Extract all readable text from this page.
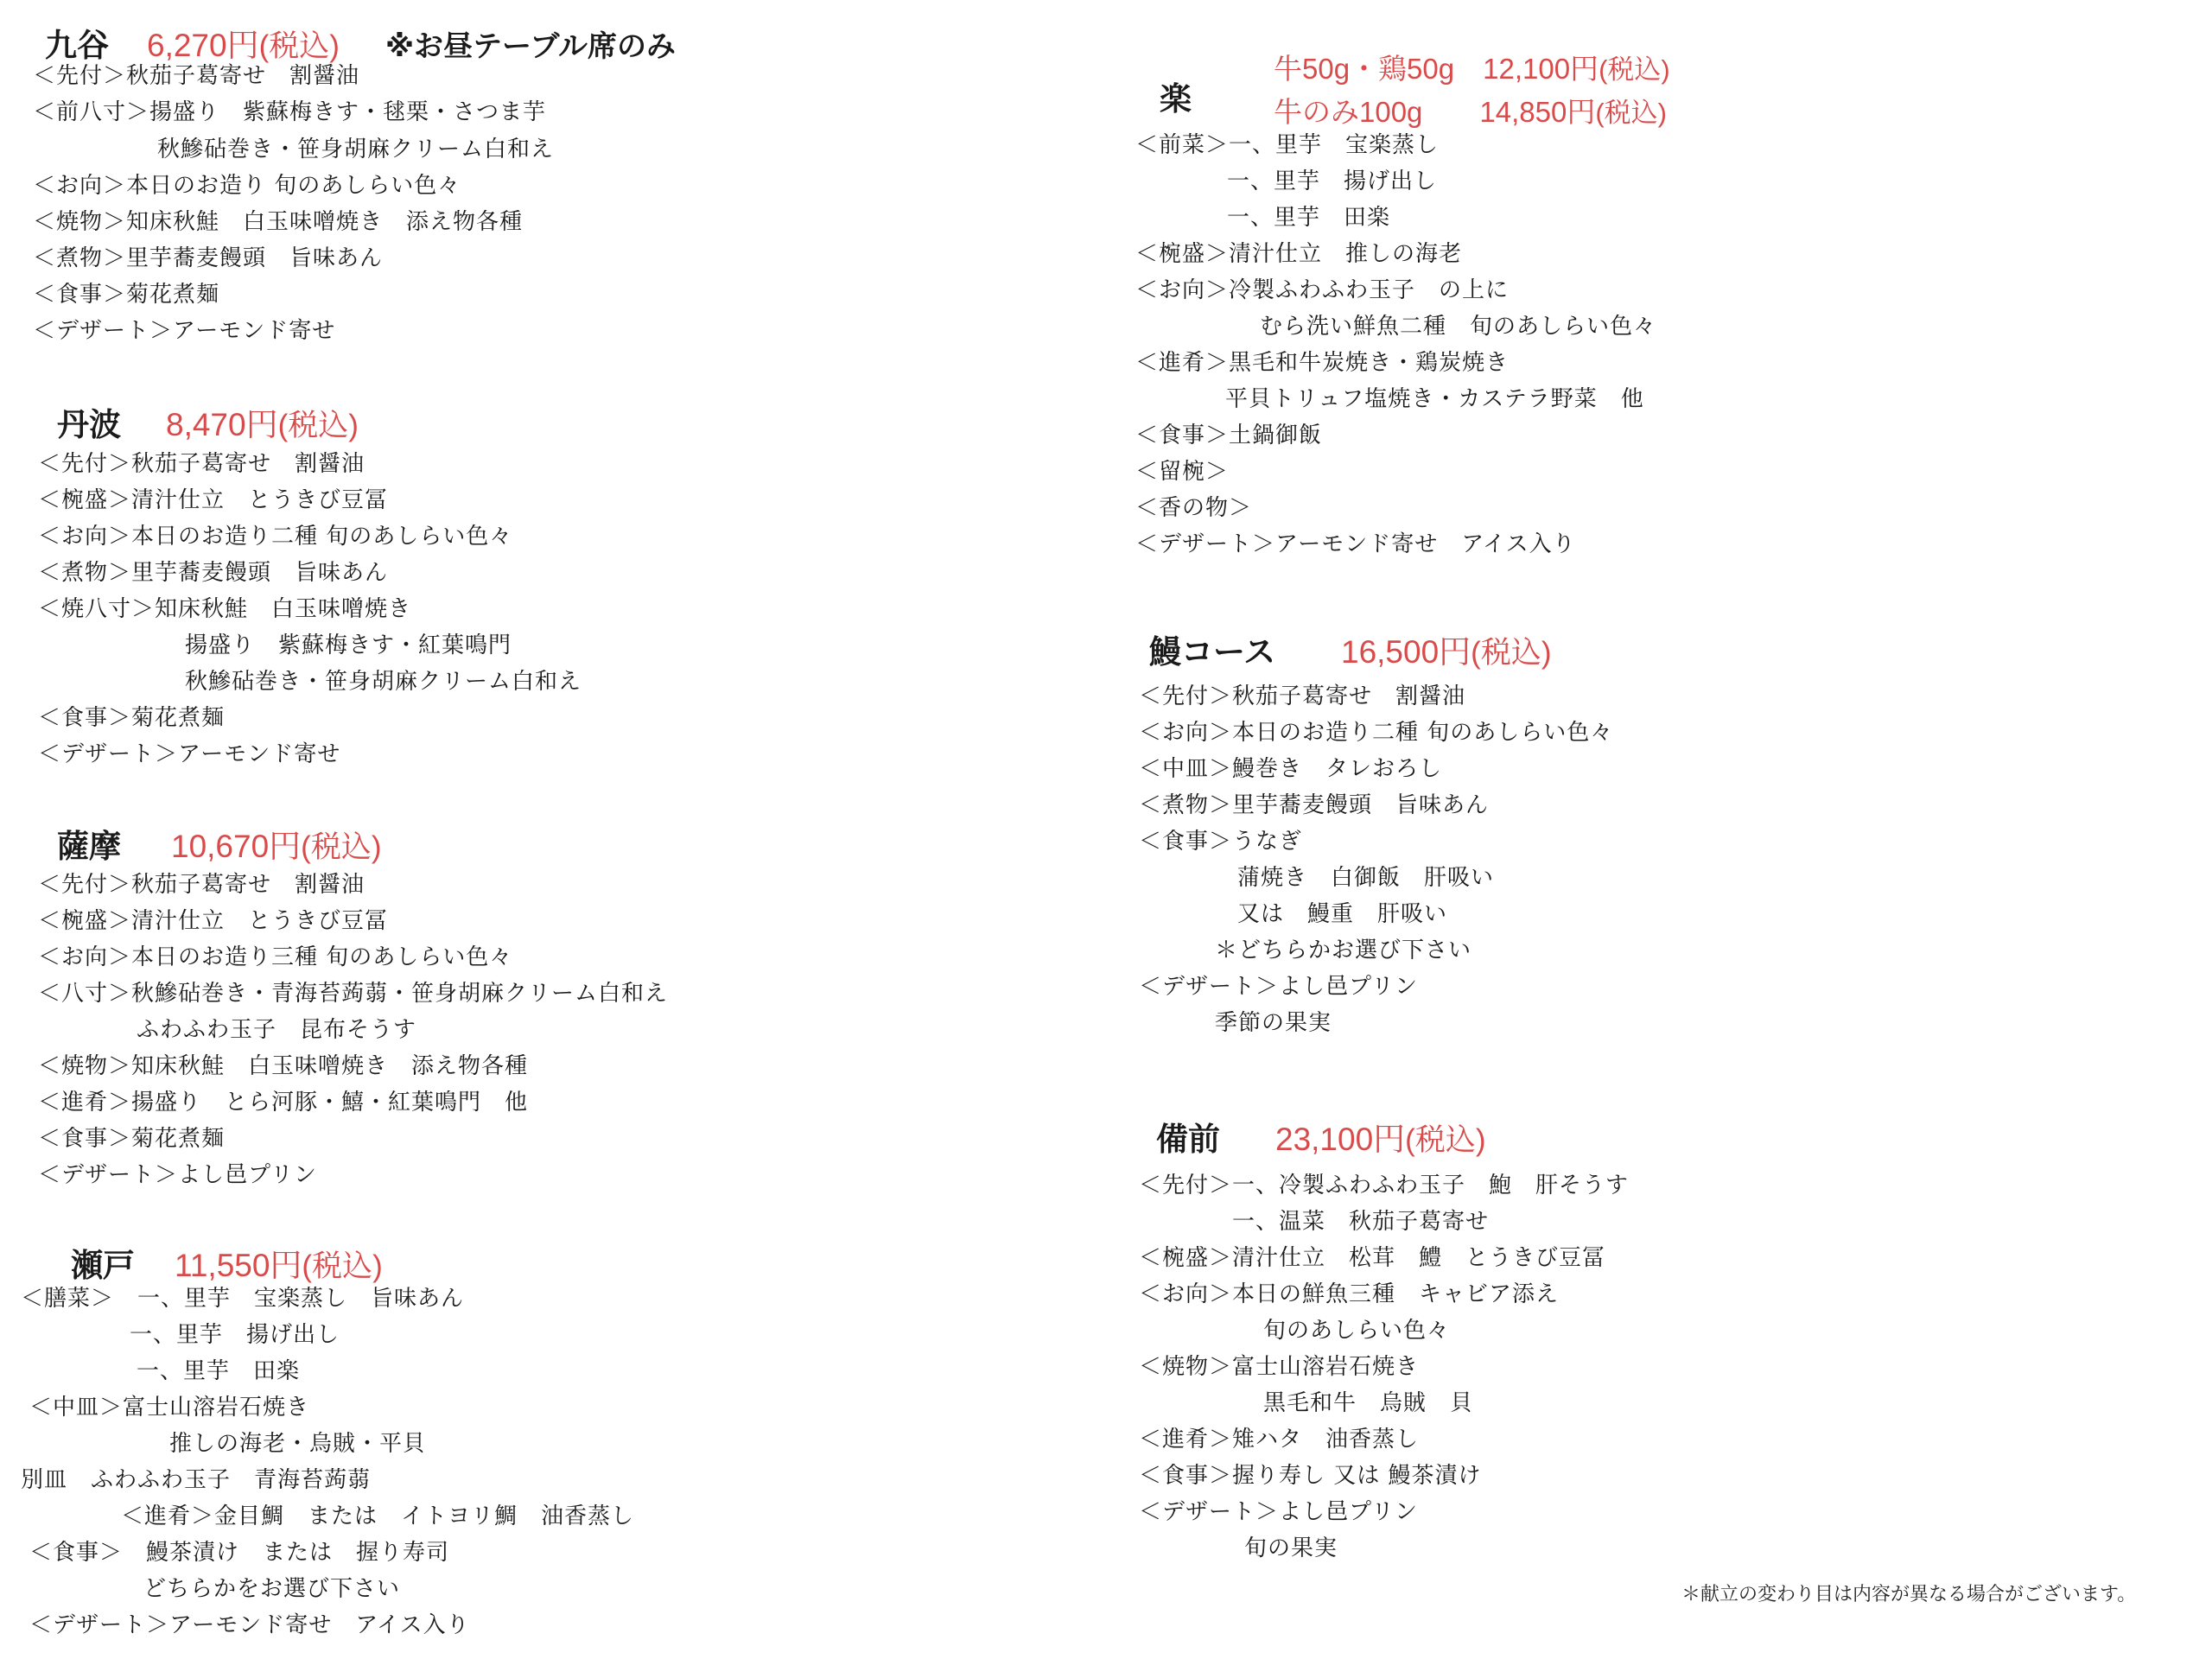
九谷 6,270円(税込) ※お昼テーブル席のみ
＜先付＞秋茄子葛寄せ　割醤油
＜前八寸＞揚盛り　紫蘇梅きす・毬栗・さつま芋
秋鰺砧巻き・笹身胡麻クリーム白和え
＜お向＞本日のお造り 旬のあしらい色々
＜焼物＞知床秋鮭　白玉味噌焼き　添え物各種
＜煮物＞里芋蕎麦饅頭　旨味あん
＜食事＞菊花煮麺
＜デザート＞アーモンド寄せ
丹波 8,470円(税込)
＜先付＞秋茄子葛寄せ　割醤油
＜椀盛＞清汁仕立　とうきび豆冨
＜お向＞本日のお造り二種 旬のあしらい色々
＜煮物＞里芋蕎麦饅頭　旨味あん
＜焼八寸＞知床秋鮭　白玉味噌焼き
揚盛り　紫蘇梅きす・紅葉鳴門
秋鰺砧巻き・笹身胡麻クリーム白和え
＜食事＞菊花煮麺
＜デザート＞アーモンド寄せ
薩摩 10,670円(税込)
＜先付＞秋茄子葛寄せ　割醤油
＜椀盛＞清汁仕立　とうきび豆冨
＜お向＞本日のお造り三種 旬のあしらい色々
＜八寸＞秋鰺砧巻き・青海苔蒟蒻・笹身胡麻クリーム白和え
ふわふわ玉子　昆布そうす
＜焼物＞知床秋鮭　白玉味噌焼き　添え物各種
＜進肴＞揚盛り　とら河豚・鱚・紅葉鳴門　他
＜食事＞菊花煮麺
＜デザート＞よし邑プリン
瀬戸 11,550円(税込)
＜膳菜＞　一、里芋　宝楽蒸し　旨味あん
一、里芋　揚げ出し
一、里芋　田楽
＜中皿＞富士山溶岩石焼き
推しの海老・烏賊・平貝
別皿　ふわふわ玉子　青海苔蒟蒻
＜進肴＞金目鯛　または　イトヨリ鯛　油香蒸し
＜食事＞　鰻茶漬け　または　握り寿司
どちらかをお選び下さい
＜デザート＞アーモンド寄せ　アイス入り
楽
牛50g・鶏50g　12,100円(税込)
牛のみ100g　　14,850円(税込)
＜前菜＞一、里芋　宝楽蒸し
一、里芋　揚げ出し
一、里芋　田楽
＜椀盛＞清汁仕立　推しの海老
＜お向＞冷製ふわふわ玉子　の上に
むら洗い鮮魚二種　旬のあしらい色々
＜進肴＞黒毛和牛炭焼き・鶏炭焼き
平貝トリュフ塩焼き・カステラ野菜　他
＜食事＞土鍋御飯
＜留椀＞
＜香の物＞
＜デザート＞アーモンド寄せ　アイス入り
鰻コース 16,500円(税込)
＜先付＞秋茄子葛寄せ　割醤油
＜お向＞本日のお造り二種 旬のあしらい色々
＜中皿＞鰻巻き　タレおろし
＜煮物＞里芋蕎麦饅頭　旨味あん
＜食事＞うなぎ
蒲焼き　白御飯　肝吸い
又は　鰻重　肝吸い
＊どちらかお選び下さい
＜デザート＞よし邑プリン
季節の果実
備前 23,100円(税込)
＜先付＞一、冷製ふわふわ玉子　鮑　肝そうす
一、温菜　秋茄子葛寄せ
＜椀盛＞清汁仕立　松茸　鱧　とうきび豆冨
＜お向＞本日の鮮魚三種　キャビア添え
旬のあしらい色々
＜焼物＞富士山溶岩石焼き
黒毛和牛　烏賊　貝
＜進肴＞雉ハタ　油香蒸し
＜食事＞握り寿し 又は 鰻茶漬け
＜デザート＞よし邑プリン
旬の果実
＊献立の変わり目は内容が異なる場合がございます。
